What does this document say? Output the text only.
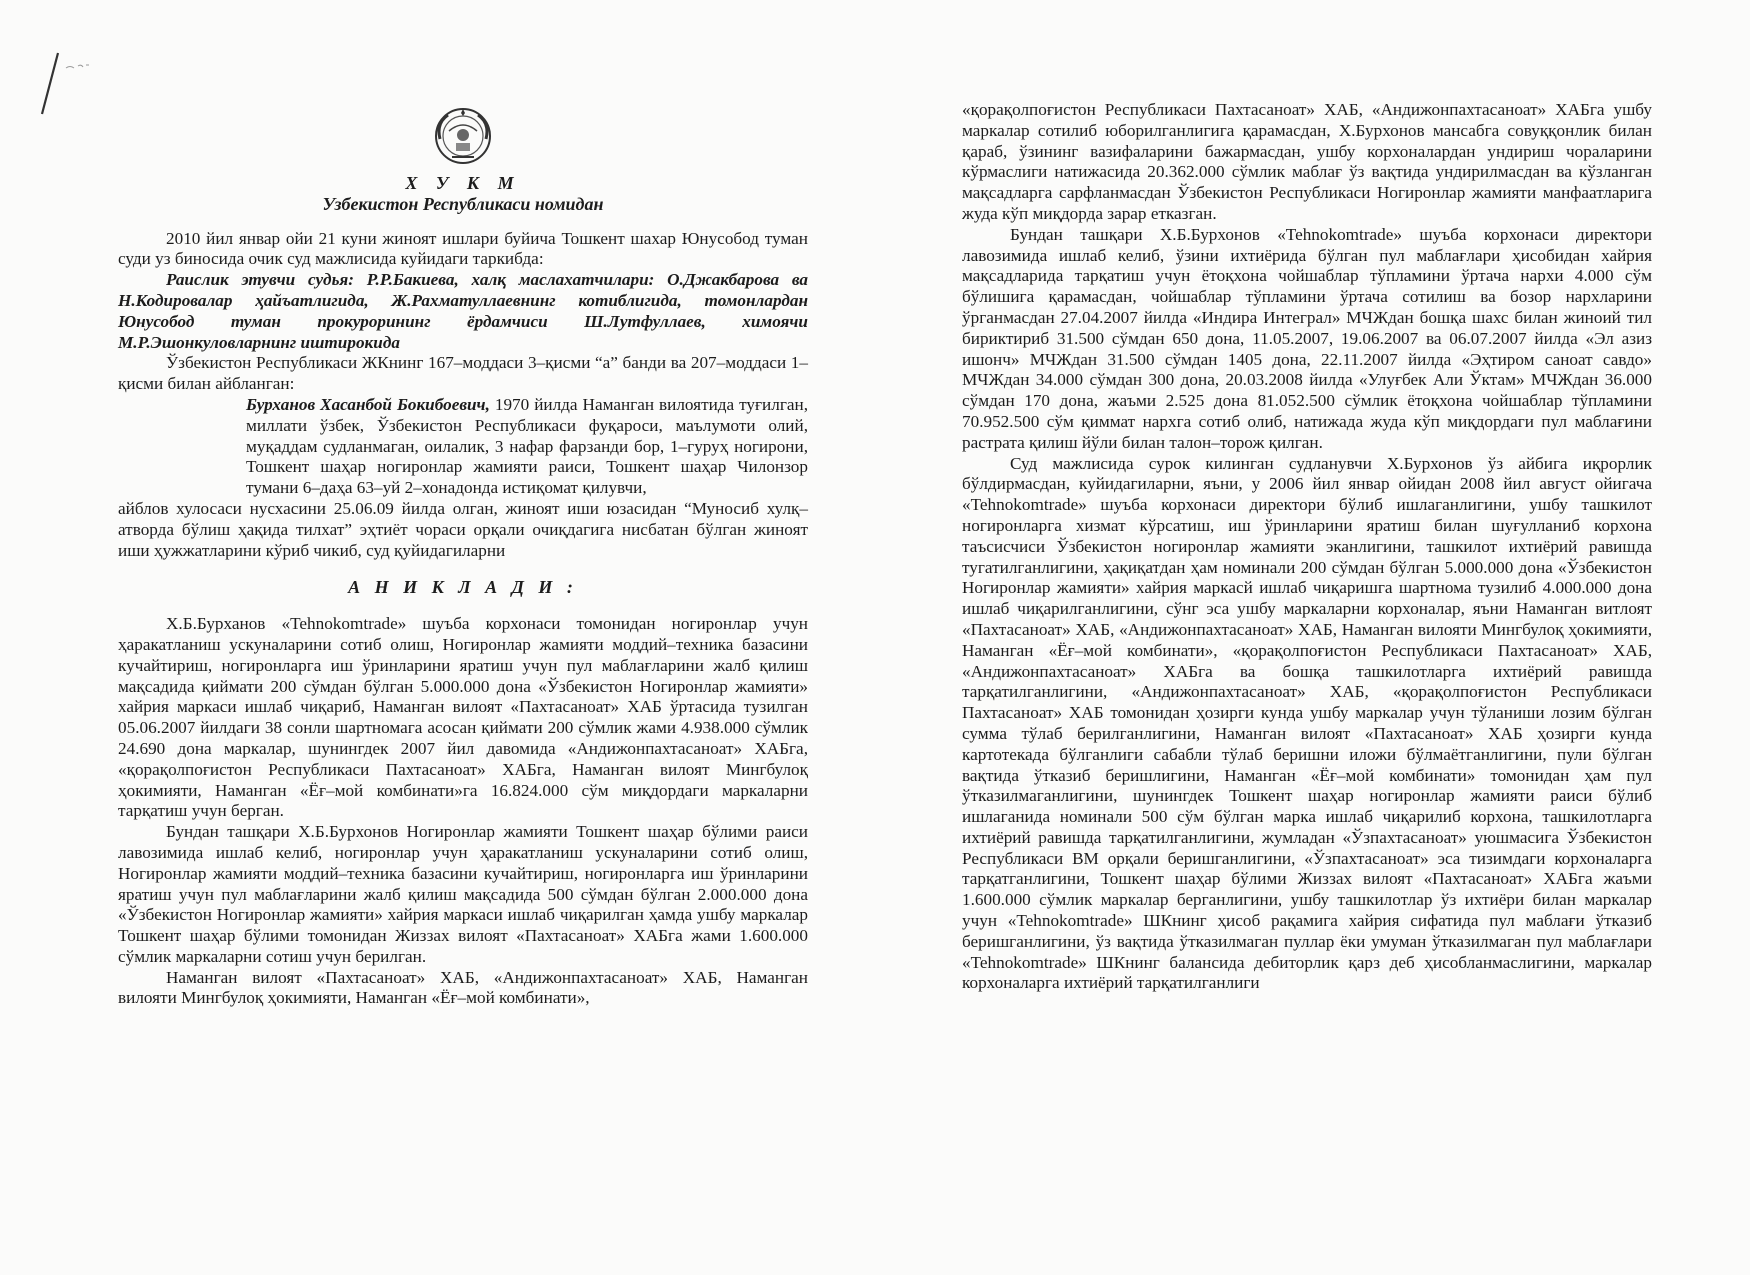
Х У К М

Узбекистон Республикаси номидан

2010 йил январ ойи 21 куни жиноят ишлари буйича Тошкент шахар Юнусобод туман суди уз биносида очик суд мажлисида куйидаги таркибда:

Раислик этувчи судья: Р.Р.Бакиева, халқ маслахатчилари: О.Джакбарова ва Н.Кодировалар ҳайъатлигида, Ж.Рахматуллаевнинг котиблигида, томонлардан Юнусобод туман прокурорининг ёрдамчиси Ш.Лутфуллаев, химоячи М.Р.Эшонкуловларнинг иштирокида

Ўзбекистон Республикаси ЖКнинг 167–моддаси 3–қисми “а” банди ва 207–моддаси 1–қисми билан айбланган:

Бурханов Хасанбой Бокибоевич, 1970 йилда Наманган вилоятида туғилган, миллати ўзбек, Ўзбекистон Республикаси фуқароси, маълумоти олий, муқаддам судланмаган, оилалик, 3 нафар фарзанди бор, 1–гуруҳ ногирони, Тошкент шаҳар ногиронлар жамияти раиси, Тошкент шаҳар Чилонзор тумани 6–даҳа 63–уй 2–хонадонда истиқомат қилувчи,

айблов хулосаси нусхасини 25.06.09 йилда олган, жиноят иши юзасидан “Муносиб хулқ–атворда бўлиш ҳақида тилхат” эҳтиёт чораси орқали очиқдагига нисбатан бўлган жиноят иши ҳужжатларини кўриб чикиб, суд қуйидагиларни

А Н И К Л А Д И :

Х.Б.Бурханов «Tehnokomtrade» шуъба корхонаси томонидан ногиронлар учун ҳаракатланиш ускуналарини сотиб олиш, Ногиронлар жамияти моддий–техника базасини кучайтириш, ногиронларга иш ўринларини яратиш учун пул маблағларини жалб қилиш мақсадида қиймати 200 сўмдан бўлган 5.000.000 дона «Ўзбекистон Ногиронлар жамияти» хайрия маркаси ишлаб чиқариб, Наманган вилоят «Пахтасаноат» ХАБ ўртасида тузилган 05.06.2007 йилдаги 38 сонли шартномага асосан қиймати 200 сўмлик жами 4.938.000 сўмлик 24.690 дона маркалар, шунингдек 2007 йил давомида «Андижонпахтасаноат» ХАБга, «қорақолпоғистон Республикаси Пахтасаноат» ХАБга, Наманган вилоят Мингбулоқ ҳокимияти, Наманган «Ёғ–мой комбинати»га 16.824.000 сўм миқдордаги маркаларни тарқатиш учун берган.

Бундан ташқари Х.Б.Бурхонов Ногиронлар жамияти Тошкент шаҳар бўлими раиси лавозимида ишлаб келиб, ногиронлар учун ҳаракатланиш ускуналарини сотиб олиш, Ногиронлар жамияти моддий–техника базасини кучайтириш, ногиронларга иш ўринларини яратиш учун пул маблағларини жалб қилиш мақсадида 500 сўмдан бўлган 2.000.000 дона «Ўзбекистон Ногиронлар жамияти» хайрия маркаси ишлаб чиқарилган ҳамда ушбу маркалар Тошкент шаҳар бўлими томонидан Жиззах вилоят «Пахтасаноат» ХАБга жами 1.600.000 сўмлик маркаларни сотиш учун берилган.

Наманган вилоят «Пахтасаноат» ХАБ, «Андижонпахтасаноат» ХАБ, Наманган вилояти Мингбулоқ ҳокимияти, Наманган «Ёғ–мой комбинати»,

«қорақолпоғистон Республикаси Пахтасаноат» ХАБ, «Андижонпахтасаноат» ХАБга ушбу маркалар сотилиб юборилганлигига қарамасдан, Х.Бурхонов мансабга совуққонлик билан қараб, ўзининг вазифаларини бажармасдан, ушбу корхоналардан ундириш чораларини кўрмаслиги натижасида 20.362.000 сўмлик маблағ ўз вақтида ундирилмасдан ва кўзланган мақсадларга сарфланмасдан Ўзбекистон Республикаси Ногиронлар жамияти манфаатларига жуда кўп миқдорда зарар етказган.

Бундан ташқари Х.Б.Бурхонов «Tehnokomtrade» шуъба корхонаси директори лавозимида ишлаб келиб, ўзини ихтиёрида бўлган пул маблағлари ҳисобидан хайрия мақсадларида тарқатиш учун ётоқхона чойшаблар тўпламини ўртача нархи 4.000 сўм бўлишига қарамасдан, чойшаблар тўпламини ўртача сотилиш ва бозор нархларини ўрганмасдан 27.04.2007 йилда «Индира Интеграл» МЧЖдан бошқа шахс билан жиноий тил бириктириб 31.500 сўмдан 650 дона, 11.05.2007, 19.06.2007 ва 06.07.2007 йилда «Эл азиз ишонч» МЧЖдан 31.500 сўмдан 1405 дона, 22.11.2007 йилда «Эҳтиром саноат савдо» МЧЖдан 34.000 сўмдан 300 дона, 20.03.2008 йилда «Улуғбек Али Ўктам» МЧЖдан 36.000 сўмдан 170 дона, жаъми 2.525 дона 81.052.500 сўмлик ётоқхона чойшаблар тўпламини 70.952.500 сўм қиммат нархга сотиб олиб, натижада жуда кўп миқдордаги пул маблағини растрата қилиш йўли билан талон–торож қилган.

Суд мажлисида сурок килинган судланувчи Х.Бурхонов ўз айбига иқрорлик бўлдирмасдан, куйидагиларни, яъни, у 2006 йил январ ойидан 2008 йил август ойигача «Tehnokomtrade» шуъба корхонаси директори бўлиб ишлаганлигини, ушбу ташкилот ногиронларга хизмат кўрсатиш, иш ўринларини яратиш билан шуғулланиб корхона таъсисчиси Ўзбекистон ногиронлар жамияти эканлигини, ташкилот ихтиёрий равишда тугатилганлигини, ҳақиқатдан ҳам номинали 200 сўмдан бўлган 5.000.000 дона «Ўзбекистон Ногиронлар жамияти» хайрия маркасй ишлаб чиқаришга шартнома тузилиб 4.000.000 дона ишлаб чиқарилганлигини, сўнг эса ушбу маркаларни корхоналар, яъни Наманган витлоят «Пахтасаноат» ХАБ, «Андижонпахтасаноат» ХАБ, Наманган вилояти Мингбулоқ ҳокимияти, Наманган «Ёғ–мой комбинати», «қорақолпоғистон Республикаси Пахтасаноат» ХАБ, «Андижонпахтасаноат» ХАБга ва бошқа ташкилотларга ихтиёрий равишда тарқатилганлигини, «Андижонпахтасаноат» ХАБ, «қорақолпоғистон Республикаси Пахтасаноат» ХАБ томонидан ҳозирги кунда ушбу маркалар учун тўланиши лозим бўлган сумма тўлаб берилганлигини, Наманган вилоят «Пахтасаноат» ХАБ ҳозирги кунда картотекада бўлганлиги сабабли тўлаб беришни иложи бўлмаётганлигини, пули бўлган вақтида ўтказиб беришлигини, Наманган «Ёғ–мой комбинати» томонидан ҳам пул ўтказилмаганлигини, шунингдек Тошкент шаҳар ногиронлар жамияти раиси бўлиб ишлаганида номинали 500 сўм бўлган марка ишлаб чиқарилиб корхона, ташкилотларга ихтиёрий равишда тарқатилганлигини, жумладан «Ўзпахтасаноат» уюшмасига Ўзбекистон Республикаси ВМ орқали беришганлигини, «Ўзпахтасаноат» эса тизимдаги корхоналарга тарқатганлигини, Тошкент шаҳар бўлими Жиззах вилоят «Пахтасаноат» ХАБга жаъми 1.600.000 сўмлик маркалар берганлигини, ушбу ташкилотлар ўз ихтиёри билан маркалар учун «Tehnokomtrade» ШКнинг ҳисоб рақамига хайрия сифатида пул маблағи ўтказиб беришганлигини, ўз вақтида ўтказилмаган пуллар ёки умуман ўтказилмаган пул маблағлари «Tehnokomtrade» ШКнинг балансида дебиторлик қарз деб ҳисобланмаслигини, маркалар корхоналарга ихтиёрий тарқатилганлиги
